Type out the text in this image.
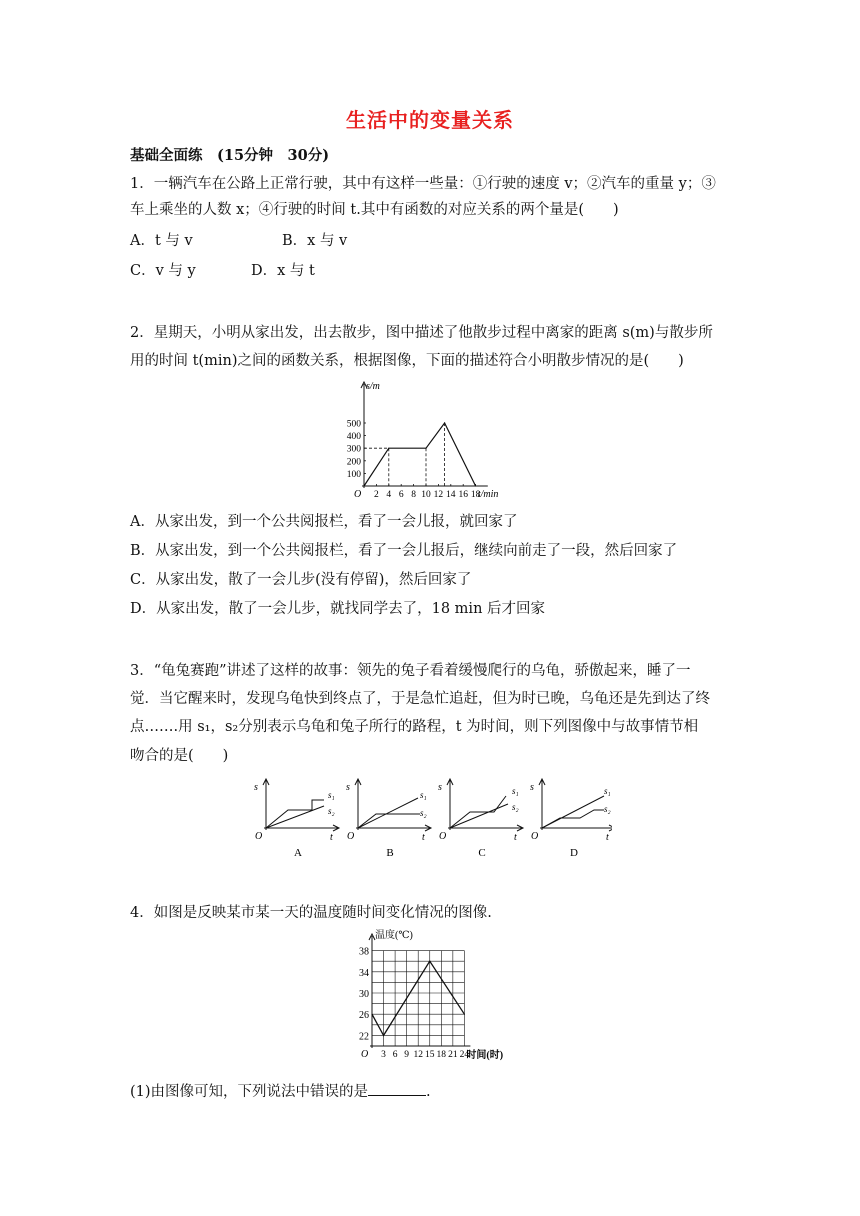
生活中的变量关系
基础全面练　(15分钟　30分)
1．一辆汽车在公路上正常行驶，其中有这样一些量：①行驶的速度 v；②汽车的重量 y；③
车上乘坐的人数 x；④行驶的时间 t.其中有函数的对应关系的两个量是(　　)
A．t 与 v	B．x 与 v
C．v 与 y	D．x 与 t
2．星期天，小明从家出发，出去散步，图中描述了他散步过程中离家的距离 s(m)与散步所
用的时间 t(min)之间的函数关系，根据图像，下面的描述符合小明散步情况的是(　　)
s/m
t/min
O
100
200
300
400
500
2 4 6 8 10 12 14 16 18
A．从家出发，到一个公共阅报栏，看了一会儿报，就回家了
B．从家出发，到一个公共阅报栏，看了一会儿报后，继续向前走了一段，然后回家了
C．从家出发，散了一会儿步(没有停留)，然后回家了
D．从家出发，散了一会儿步，就找同学去了，18 min 后才回家
3．“龟兔赛跑”讲述了这样的故事：领先的兔子看着缓慢爬行的乌龟，骄傲起来，睡了一
觉．当它醒来时，发现乌龟快到终点了，于是急忙追赶，但为时已晚，乌龟还是先到达了终
点…….用 s₁，s₂分别表示乌龟和兔子所行的路程，t 为时间，则下列图像中与故事情节相
吻合的是(　　)
s
t
O
s₁
s₂
A
s
t
O
s₁
s₂
B
s
t
O
s₁
s₂
C
s
t
O
s₁
s₂
D
4．如图是反映某市某一天的温度随时间变化情况的图像.
温度(℃)
时间(时)
O
22
26
30
34
38
3 6 9 12 15 18 21 24
(1)由图像可知，下列说法中错误的是	.
